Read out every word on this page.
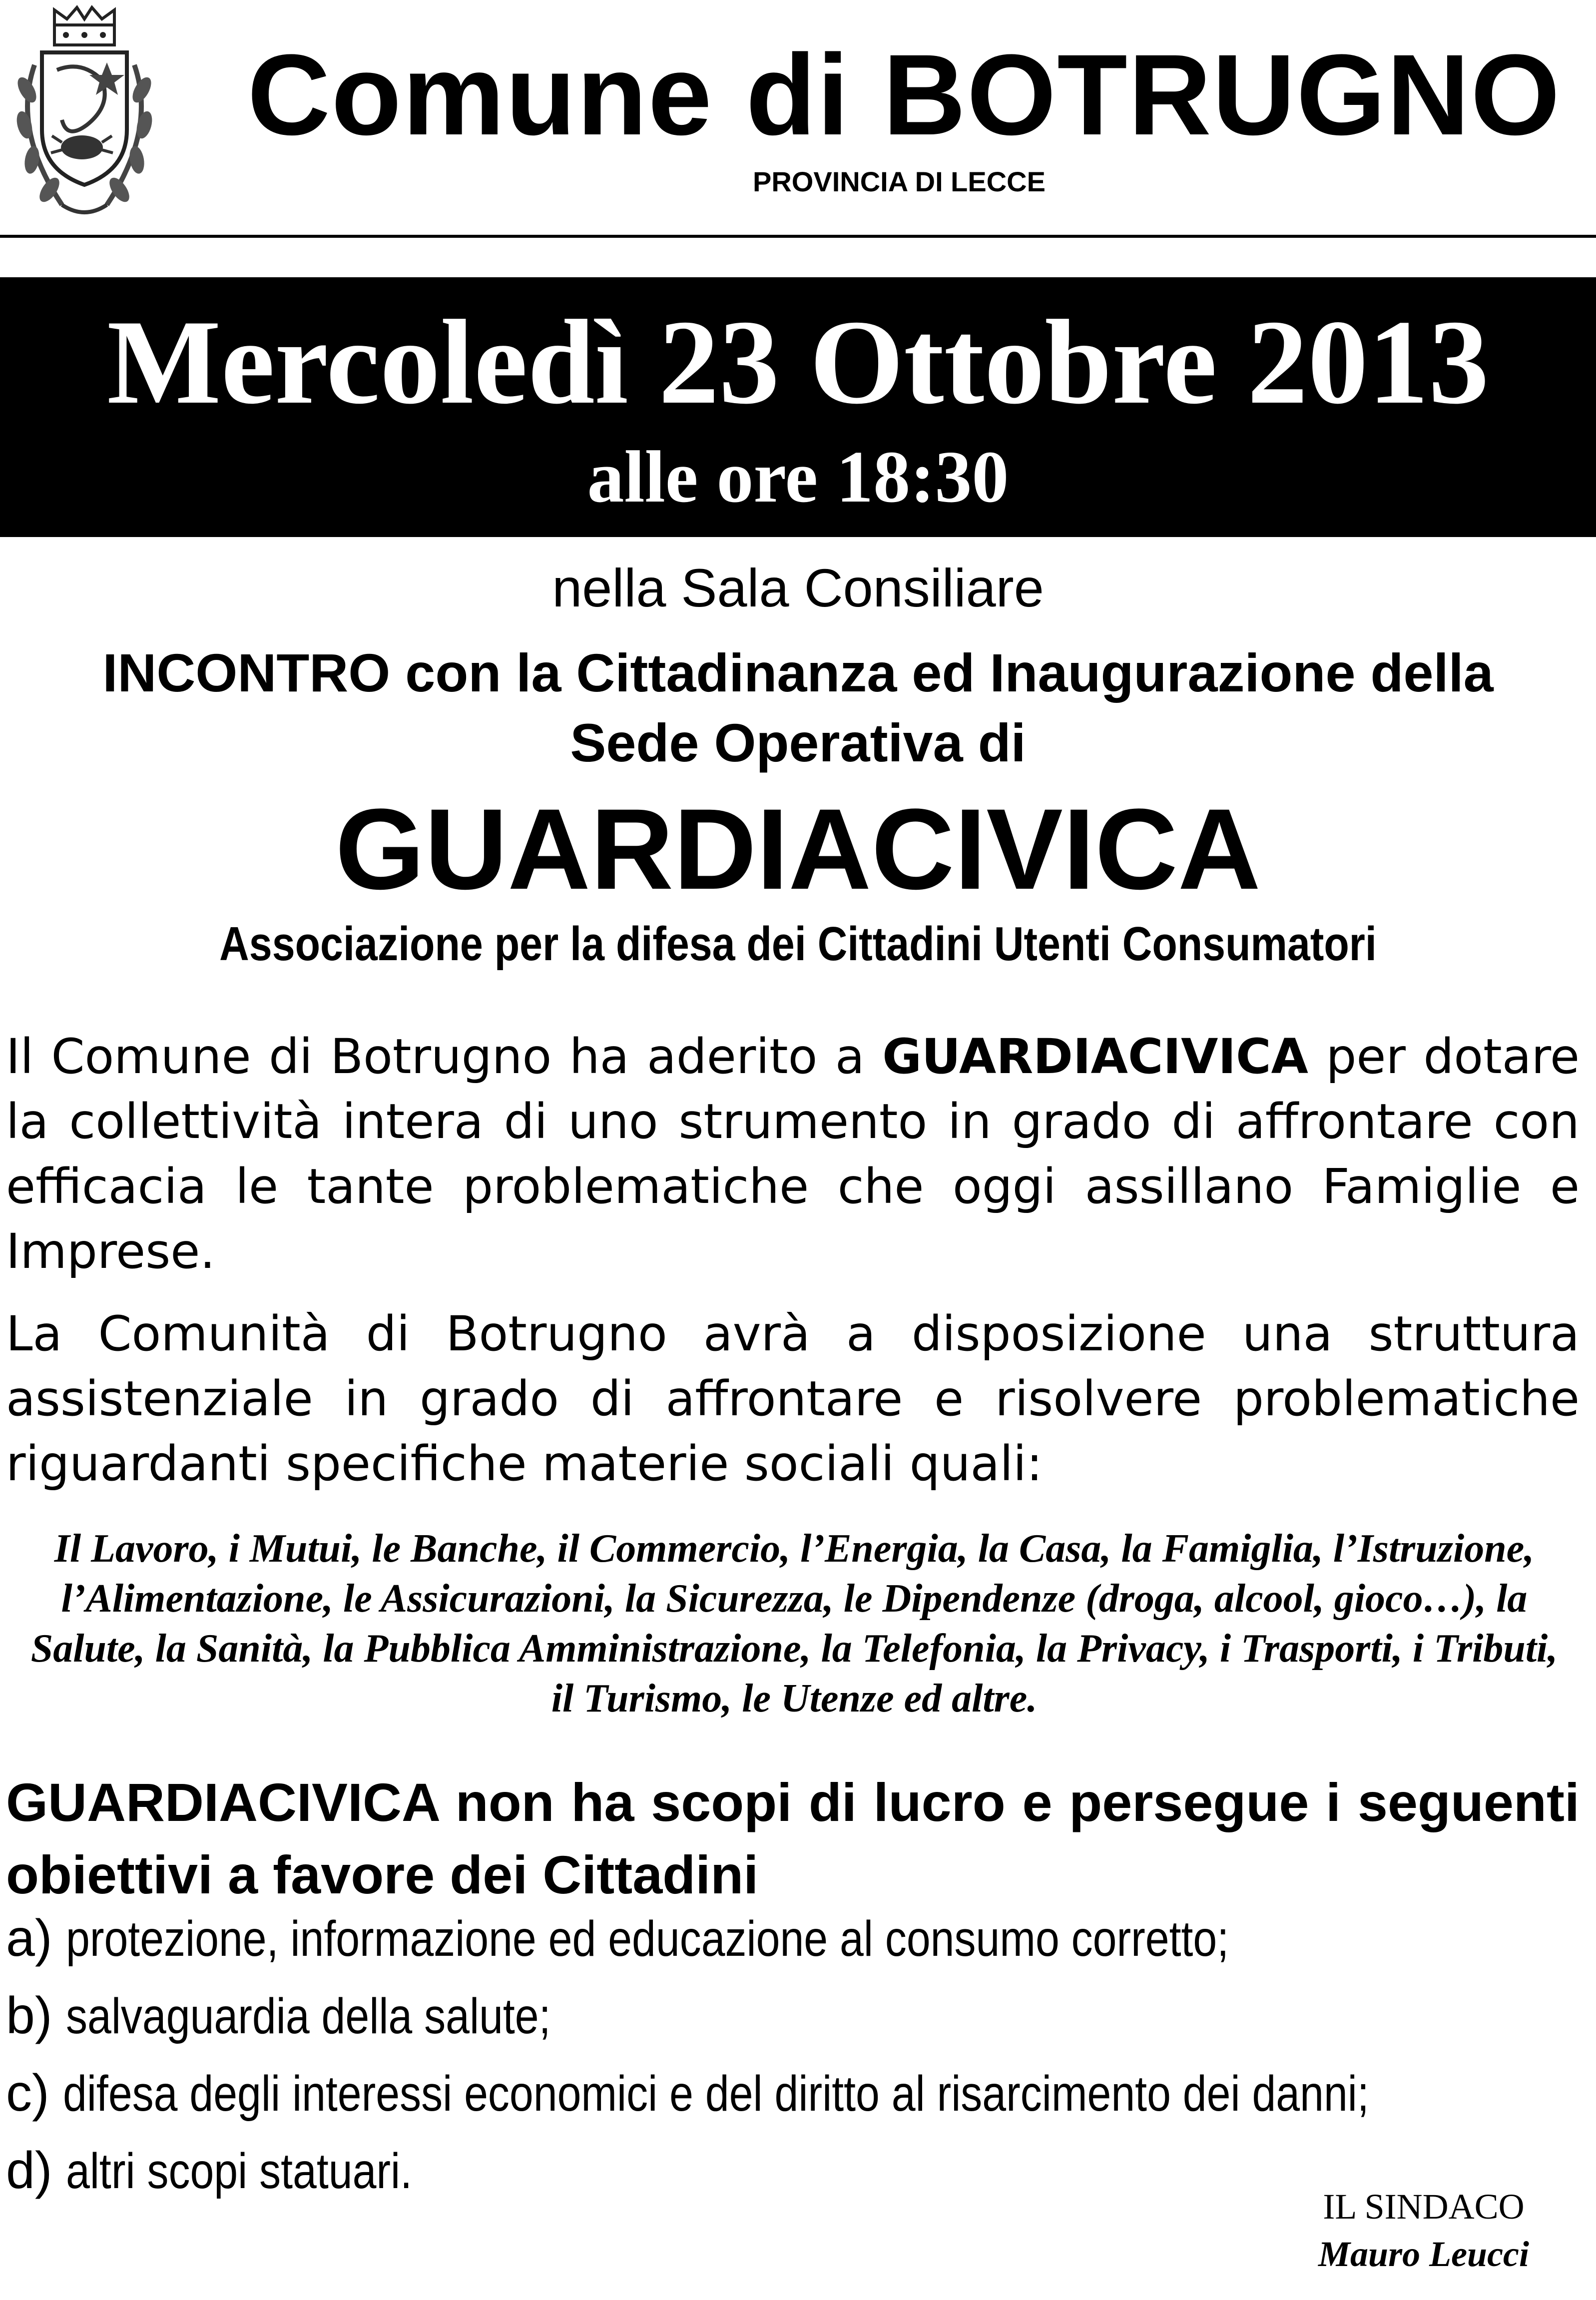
Comune di BOTRUGNO
PROVINCIA DI LECCE
Mercoledì 23 Ottobre 2013
alle ore 18:30
nella Sala Consiliare
INCONTRO con la Cittadinanza ed Inaugurazione della
Sede Operativa di
GUARDIACIVICA
Associazione per la difesa dei Cittadini Utenti Consumatori
Il Comune di Botrugno ha aderito a GUARDIACIVICA per dotare la collettività intera di uno strumento in grado di affrontare con efficacia le tante problematiche che oggi assillano Famiglie e Imprese.
La Comunità di Botrugno avrà a disposizione una struttura assistenziale in grado di affrontare e risolvere problematiche riguardanti specifiche materie sociali quali:
Il Lavoro, i Mutui, le Banche, il Commercio, l’Energia, la Casa, la Famiglia, l’Istruzione, l’Alimentazione, le Assicurazioni, la Sicurezza, le Dipendenze (droga, alcool, gioco…), la Salute, la Sanità, la Pubblica Amministrazione, la Telefonia, la Privacy, i Trasporti, i Tributi, il Turismo, le Utenze ed altre.
GUARDIACIVICA non ha scopi di lucro e persegue i seguenti obiettivi a favore dei Cittadini
a) protezione, informazione ed educazione al consumo corretto;
b) salvaguardia della salute;
c) difesa degli interessi economici e del diritto al risarcimento dei danni;
d) altri scopi statuari.
IL SINDACO
Mauro Leucci
